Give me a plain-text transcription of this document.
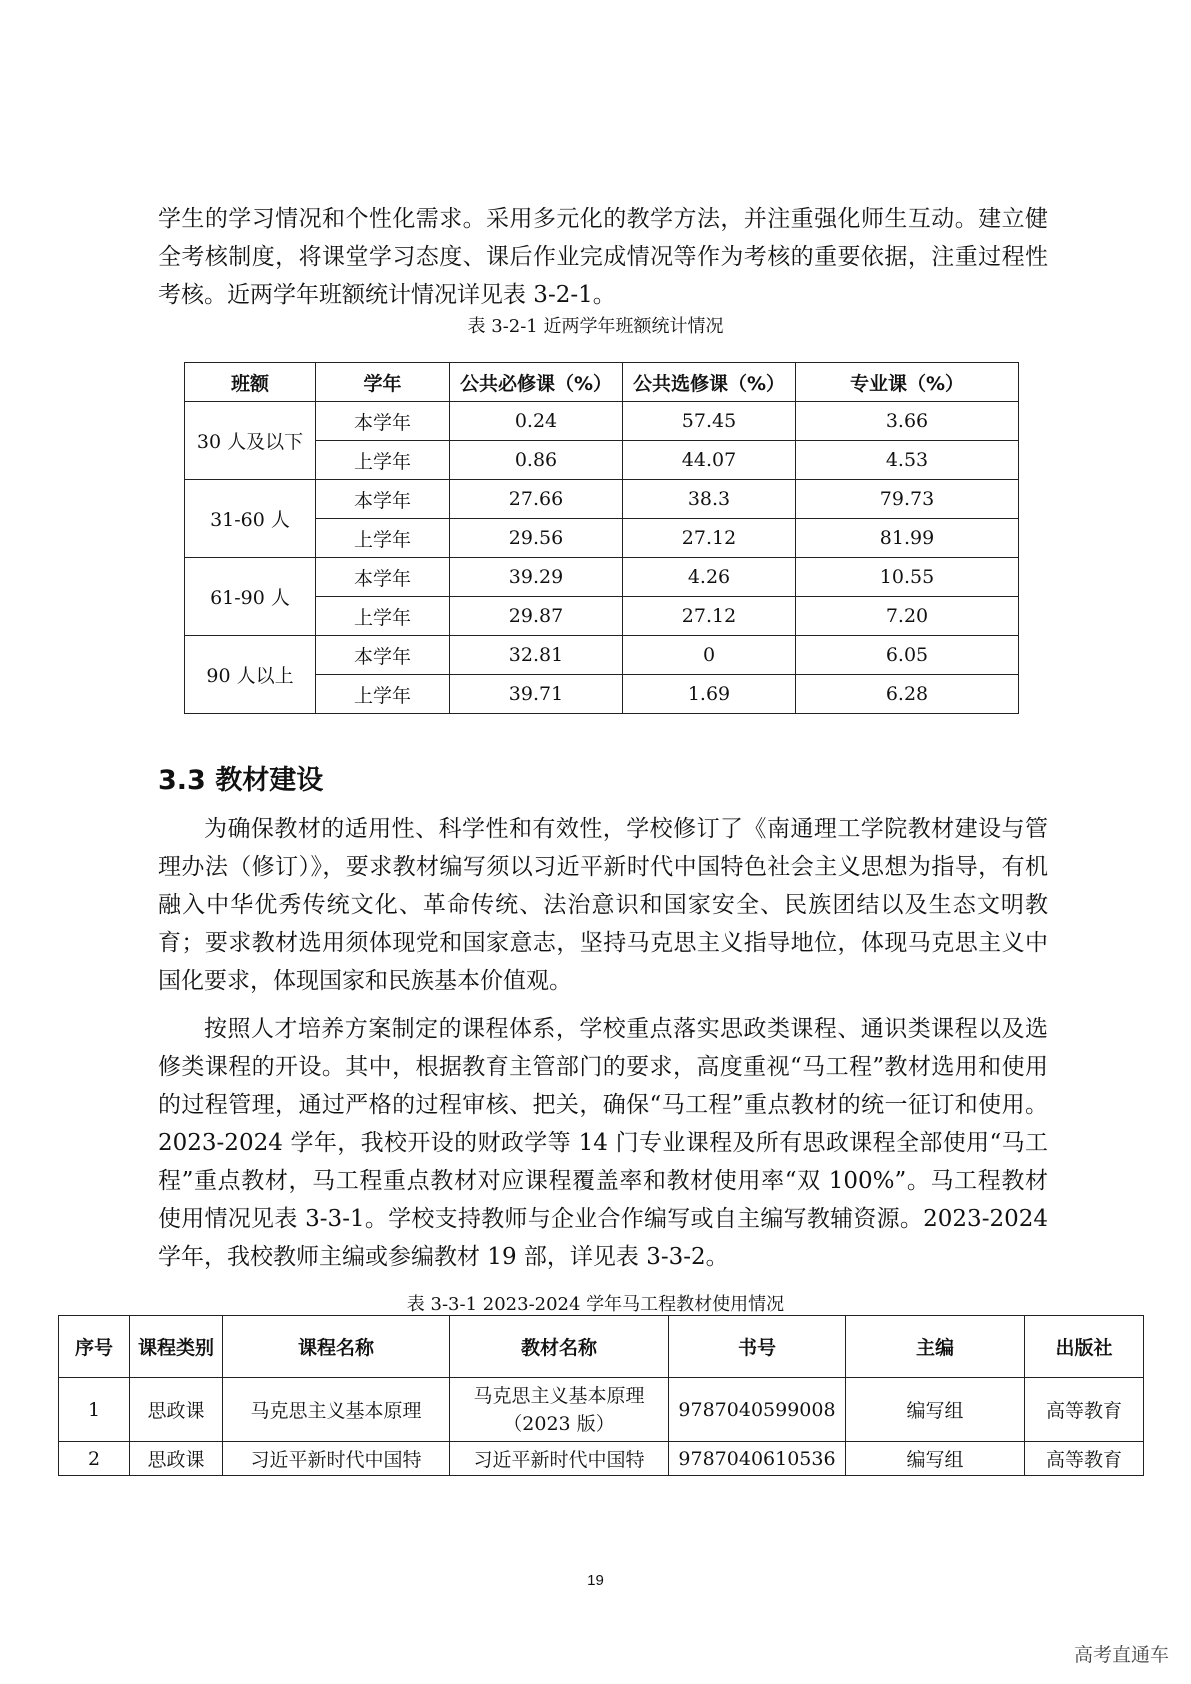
学生的学习情况和个性化需求。采用多元化的教学方法，并注重强化师生互动。建立健全考核制度，将课堂学习态度、课后作业完成情况等作为考核的重要依据，注重过程性考核。近两学年班额统计情况详见表 3-2-1。

表 3-2-1 近两学年班额统计情况

班额	学年	公共必修课（%）	公共选修课（%）	专业课（%）
30 人及以下	本学年	0.24	57.45	3.66
	上学年	0.86	44.07	4.53
31-60 人	本学年	27.66	38.3	79.73
	上学年	29.56	27.12	81.99
61-90 人	本学年	39.29	4.26	10.55
	上学年	29.87	27.12	7.20
90 人以上	本学年	32.81	0	6.05
	上学年	39.71	1.69	6.28
3.3 教材建设

为确保教材的适用性、科学性和有效性，学校修订了《南通理工学院教材建设与管理办法（修订）》，要求教材编写须以习近平新时代中国特色社会主义思想为指导，有机融入中华优秀传统文化、革命传统、法治意识和国家安全、民族团结以及生态文明教育；要求教材选用须体现党和国家意志，坚持马克思主义指导地位，体现马克思主义中国化要求，体现国家和民族基本价值观。

按照人才培养方案制定的课程体系，学校重点落实思政类课程、通识类课程以及选修类课程的开设。其中，根据教育主管部门的要求，高度重视“马工程”教材选用和使用的过程管理，通过严格的过程审核、把关，确保“马工程”重点教材的统一征订和使用。2023-2024 学年，我校开设的财政学等 14 门专业课程及所有思政课程全部使用“马工程”重点教材，马工程重点教材对应课程覆盖率和教材使用率“双 100%”。马工程教材使用情况见表 3-3-1。学校支持教师与企业合作编写或自主编写教辅资源。2023-2024 学年，我校教师主编或参编教材 19 部，详见表 3-3-2。

表 3-3-1 2023-2024 学年马工程教材使用情况

序号	课程类别	课程名称	教材名称	书号	主编	出版社
1	思政课	马克思主义基本原理	马克思主义基本原理（2023 版）	9787040599008	编写组	高等教育
2	思政课	习近平新时代中国特	习近平新时代中国特	9787040610536	编写组	高等教育
19
高考直通车
